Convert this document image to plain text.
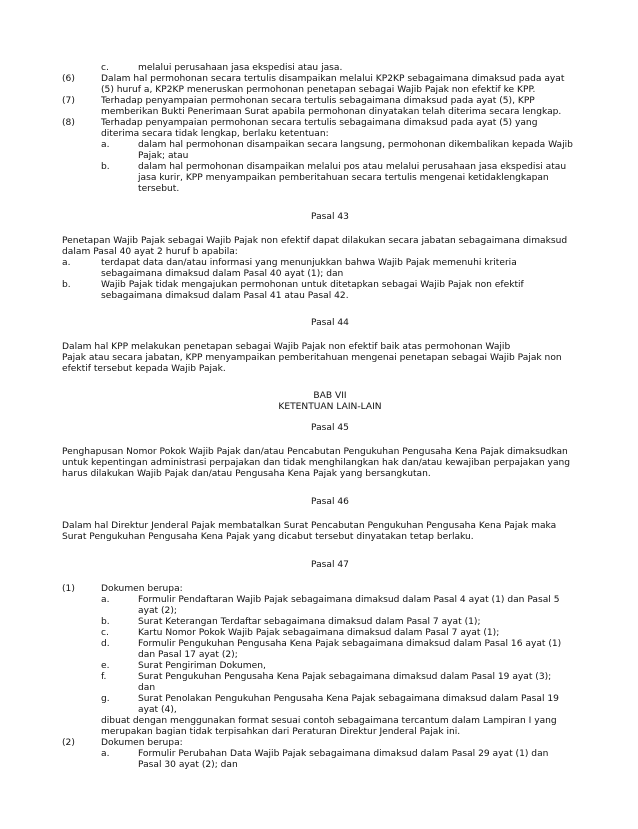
c.	melalui perusahaan jasa ekspedisi atau jasa.
(6)	Dalam hal permohonan secara tertulis disampaikan melalui KP2KP sebagaimana dimaksud pada ayat
(5) huruf a, KP2KP meneruskan permohonan penetapan sebagai Wajib Pajak non efektif ke KPP.
(7)	Terhadap penyampaian permohonan secara tertulis sebagaimana dimaksud pada ayat (5), KPP
memberikan Bukti Penerimaan Surat apabila permohonan dinyatakan telah diterima secara lengkap.
(8)	Terhadap penyampaian permohonan secara tertulis sebagaimana dimaksud pada ayat (5) yang
diterima secara tidak lengkap, berlaku ketentuan:
a.	dalam hal permohonan disampaikan secara langsung, permohonan dikembalikan kepada Wajib
Pajak; atau
b.	dalam hal permohonan disampaikan melalui pos atau melalui perusahaan jasa ekspedisi atau
jasa kurir, KPP menyampaikan pemberitahuan secara tertulis mengenai ketidaklengkapan
tersebut.
Pasal 43
Penetapan Wajib Pajak sebagai Wajib Pajak non efektif dapat dilakukan secara jabatan sebagaimana dimaksud
dalam Pasal 40 ayat 2 huruf b apabila:
a.	terdapat data dan/atau informasi yang menunjukkan bahwa Wajib Pajak memenuhi kriteria
sebagaimana dimaksud dalam Pasal 40 ayat (1); dan
b.	Wajib Pajak tidak mengajukan permohonan untuk ditetapkan sebagai Wajib Pajak non efektif
sebagaimana dimaksud dalam Pasal 41 atau Pasal 42.
Pasal 44
Dalam hal KPP melakukan penetapan sebagai Wajib Pajak non efektif baik atas permohonan Wajib
Pajak atau secara jabatan, KPP menyampaikan pemberitahuan mengenai penetapan sebagai Wajib Pajak non
efektif tersebut kepada Wajib Pajak.
BAB VII
KETENTUAN LAIN-LAIN
Pasal 45
Penghapusan Nomor Pokok Wajib Pajak dan/atau Pencabutan Pengukuhan Pengusaha Kena Pajak dimaksudkan
untuk kepentingan administrasi perpajakan dan tidak menghilangkan hak dan/atau kewajiban perpajakan yang
harus dilakukan Wajib Pajak dan/atau Pengusaha Kena Pajak yang bersangkutan.
Pasal 46
Dalam hal Direktur Jenderal Pajak membatalkan Surat Pencabutan Pengukuhan Pengusaha Kena Pajak maka
Surat Pengukuhan Pengusaha Kena Pajak yang dicabut tersebut dinyatakan tetap berlaku.
Pasal 47
(1)	Dokumen berupa:
a.	Formulir Pendaftaran Wajib Pajak sebagaimana dimaksud dalam Pasal 4 ayat (1) dan Pasal 5
ayat (2);
b.	Surat Keterangan Terdaftar sebagaimana dimaksud dalam Pasal 7 ayat (1);
c.	Kartu Nomor Pokok Wajib Pajak sebagaimana dimaksud dalam Pasal 7 ayat (1);
d.	Formulir Pengukuhan Pengusaha Kena Pajak sebagaimana dimaksud dalam Pasal 16 ayat (1)
dan Pasal 17 ayat (2);
e.	Surat Pengiriman Dokumen,
f.	Surat Pengukuhan Pengusaha Kena Pajak sebagaimana dimaksud dalam Pasal 19 ayat (3);
dan
g.	Surat Penolakan Pengukuhan Pengusaha Kena Pajak sebagaimana dimaksud dalam Pasal 19
ayat (4),
dibuat dengan menggunakan format sesuai contoh sebagaimana tercantum dalam Lampiran I yang
merupakan bagian tidak terpisahkan dari Peraturan Direktur Jenderal Pajak ini.
(2)	Dokumen berupa:
a.	Formulir Perubahan Data Wajib Pajak sebagaimana dimaksud dalam Pasal 29 ayat (1) dan
Pasal 30 ayat (2); dan
